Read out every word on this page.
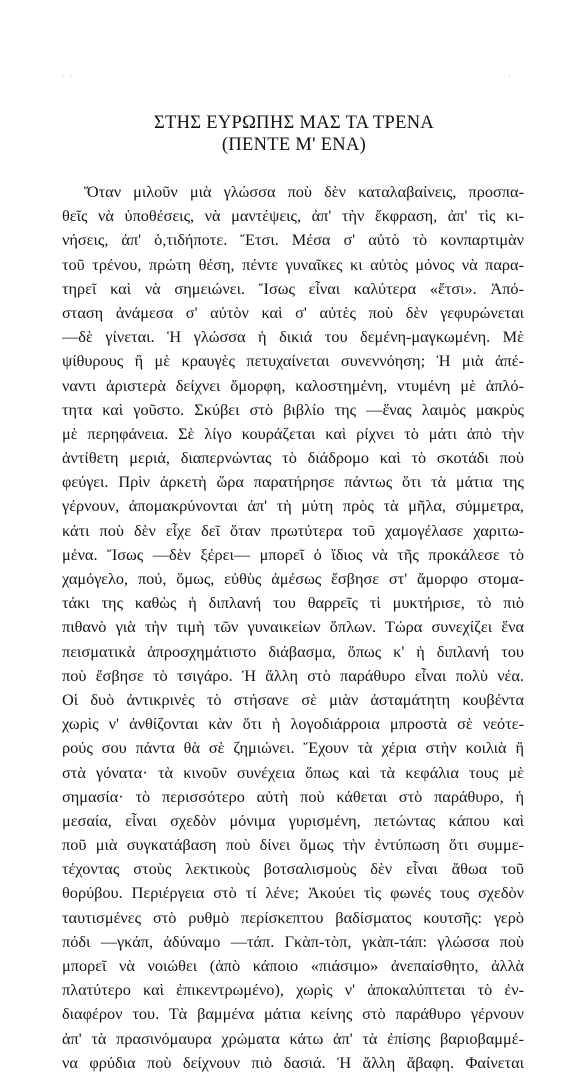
· ·	·
ΣΤΗΣ ΕΥΡΩΠΗΣ ΜΑΣ ΤΑ ΤΡΕΝΑ
(ΠΕΝΤΕ Μ' ΕΝΑ)
Ὅταν μιλοῦν μιὰ γλώσσα ποὺ δὲν καταλαβαίνεις, προσπα-
θεῖς νὰ ὑποθέσεις, νὰ μαντέψεις, ἀπ' τὴν ἔκφραση, ἀπ' τὶς κι-
νήσεις, ἀπ' ὁ,τιδήποτε. Ἔτσι. Μέσα σ' αὐτὸ τὸ κονπαρτιμὰν
τοῦ τρένου, πρώτη θέση, πέντε γυναῖκες κι αὐτὸς μόνος νὰ παρα-
τηρεῖ καὶ νὰ σημειώνει. Ἴσως εἶναι καλύτερα «ἔτσι». Ἀπό-
σταση ἀνάμεσα σ' αὐτὸν καὶ σ' αὐτὲς ποὺ δὲν γεφυρώνεται
—δὲ γίνεται. Ἡ γλώσσα ἡ δικιά του δεμένη-μαγκωμένη. Μὲ
ψίθυρους ἢ μὲ κραυγὲς πετυχαίνεται συνεννόηση; Ἡ μιὰ ἀπέ-
ναντι ἀριστερὰ δείχνει ὄμορφη, καλοστημένη, ντυμένη μὲ ἁπλό-
τητα καὶ γοῦστο. Σκύβει στὸ βιβλίο της —ἕνας λαιμὸς μακρὺς
μὲ περηφάνεια. Σὲ λίγο κουράζεται καὶ ρίχνει τὸ μάτι ἀπὸ τὴν
ἀντίθετη μεριά, διαπερνώντας τὸ διάδρομο καὶ τὸ σκοτάδι ποὺ
φεύγει. Πρὶν ἀρκετὴ ὥρα παρατήρησε πάντως ὅτι τὰ μάτια της
γέρνουν, ἀπομακρύνονται ἀπ' τὴ μύτη πρὸς τὰ μῆλα, σύμμετρα,
κάτι ποὺ δὲν εἶχε δεῖ ὅταν πρωτύτερα τοῦ χαμογέλασε χαριτω-
μένα. Ἴσως —δὲν ξέρει— μπορεῖ ὁ ἴδιος νὰ τῆς προκάλεσε τὸ
χαμόγελο, πού, ὅμως, εὐθὺς ἀμέσως ἔσβησε στ' ἄμορφο στομα-
τάκι της καθὼς ἡ διπλανή του θαρρεῖς τὶ μυκτήρισε, τὸ πιὸ
πιθανὸ γιὰ τὴν τιμὴ τῶν γυναικείων ὅπλων. Τώρα συνεχίζει ἕνα
πεισματικὰ ἀπροσχημάτιστο διάβασμα, ὅπως κ' ἡ διπλανή του
ποὺ ἔσβησε τὸ τσιγάρο. Ἡ ἄλλη στὸ παράθυρο εἶναι πολὺ νέα.
Οἱ δυὸ ἀντικρινὲς τὸ στήσανε σὲ μιὰν ἀσταμάτητη κουβέντα
χωρὶς ν' ἀνθίζονται κὰν ὅτι ἡ λογοδιάρροια μπροστὰ σὲ νεότε-
ρούς σου πάντα θὰ σὲ ζημιώνει. Ἔχουν τὰ χέρια στὴν κοιλιὰ ἢ
στὰ γόνατα· τὰ κινοῦν συνέχεια ὅπως καὶ τὰ κεφάλια τους μὲ
σημασία· τὸ περισσότερο αὐτὴ ποὺ κάθεται στὸ παράθυρο, ἡ
μεσαία, εἶναι σχεδὸν μόνιμα γυρισμένη, πετώντας κάπου καὶ
ποῦ μιὰ συγκατάβαση ποὺ δίνει ὅμως τὴν ἐντύπωση ὅτι συμμε-
τέχοντας στοὺς λεκτικοὺς βοτσαλισμοὺς δὲν εἶναι ἄθωα τοῦ
θορύβου. Περιέργεια στὸ τί λένε; Ἀκούει τὶς φωνές τους σχεδὸν
ταυτισμένες στὸ ρυθμὸ περίσκεπτου βαδίσματος κουτσῆς: γερὸ
πόδι —γκάπ, ἀδύναμο —τάπ. Γκὰπ-τὸπ, γκὰπ-τάπ: γλώσσα ποὺ
μπορεῖ νὰ νοιώθει (ἀπὸ κάποιο «πιάσιμο» ἀνεπαίσθητο, ἀλλὰ
πλατύτερο καὶ ἐπικεντρωμένο), χωρὶς ν' ἀποκαλύπτεται τὸ ἐν-
διαφέρον του. Τὰ βαμμένα μάτια κείνης στὸ παράθυρο γέρνουν
ἀπ' τὰ πρασινόμαυρα χρώματα κάτω ἀπ' τὰ ἐπίσης βαριοβαμμέ-
να φρύδια ποὺ δείχνουν πιὸ δασιά. Ἡ ἄλλη ἄβαφη. Φαίνεται
